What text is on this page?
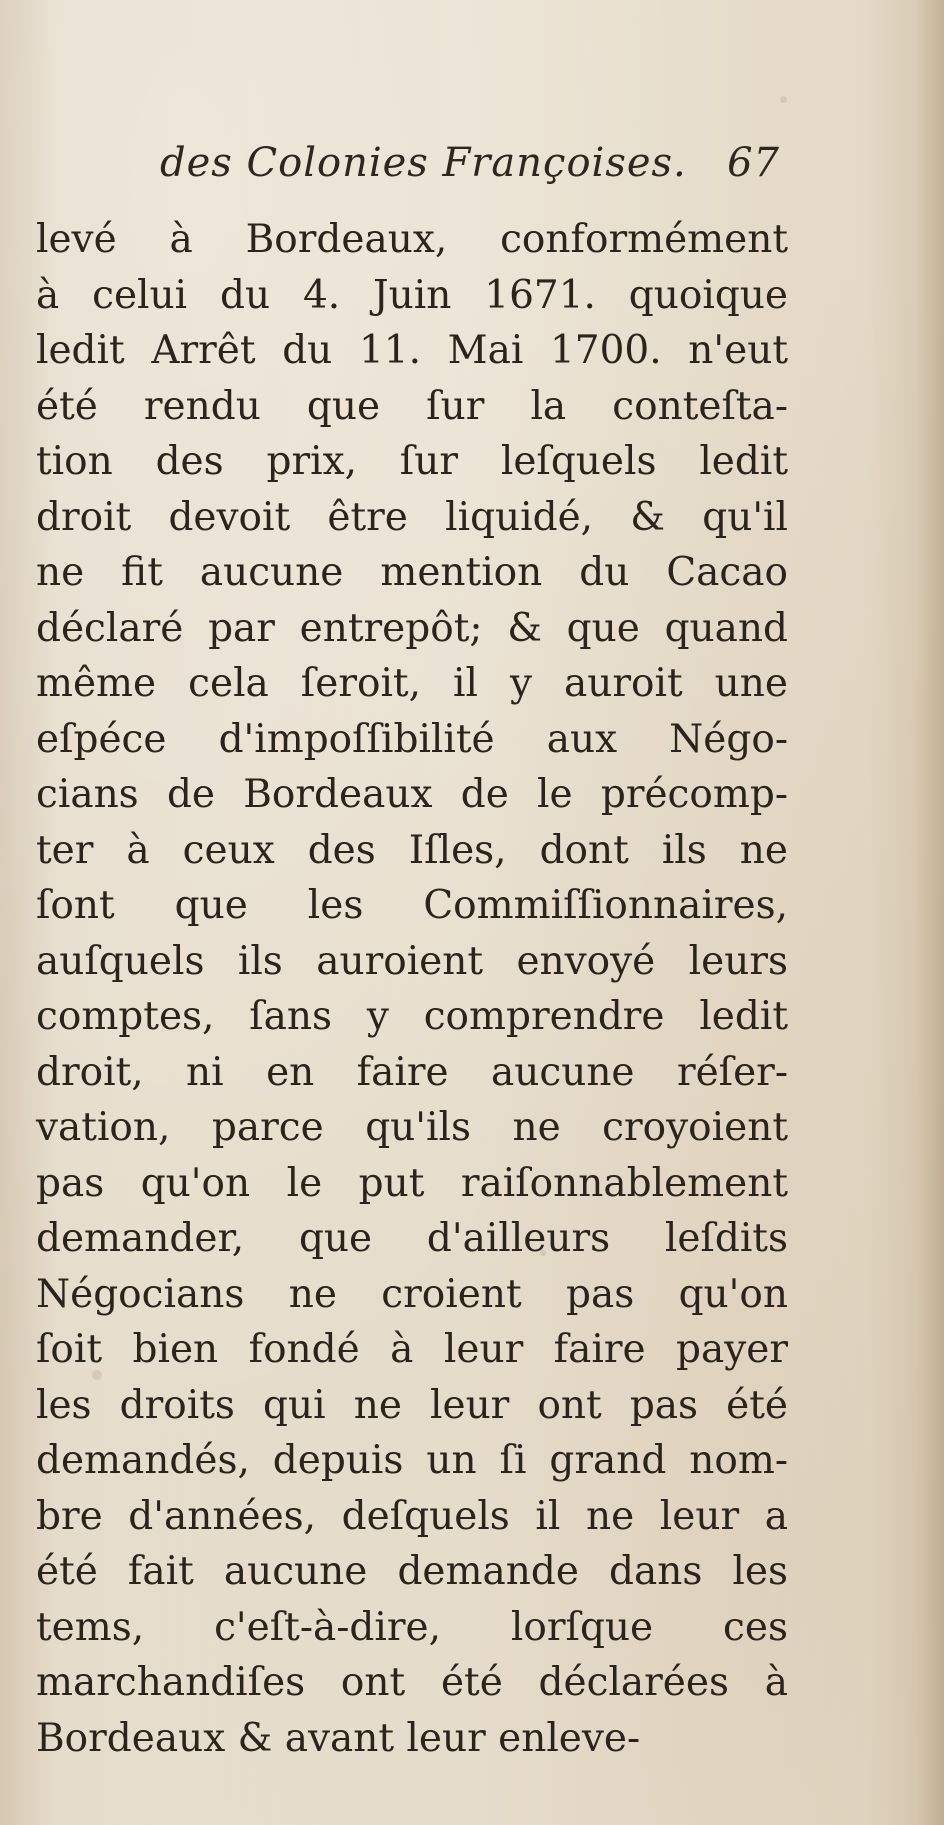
des Colonies Françoises. 67
levé à Bordeaux, conformément
à celui du 4. Juin 1671. quoique
ledit Arrêt du 11. Mai 1700. n'eut
été rendu que ſur la conteſta-
tion des prix, ſur leſquels ledit
droit devoit être liquidé, & qu'il
ne fit aucune mention du Cacao
déclaré par entrepôt; & que quand
même cela ſeroit, il y auroit une
eſpéce d'impoſſibilité aux Négo-
cians de Bordeaux de le précomp-
ter à ceux des Iſles, dont ils ne
ſont que les Commiſſionnaires,
auſquels ils auroient envoyé leurs
comptes, ſans y comprendre ledit
droit, ni en faire aucune réſer-
vation, parce qu'ils ne croyoient
pas qu'on le put raiſonnablement
demander, que d'ailleurs leſdits
Négocians ne croient pas qu'on
ſoit bien fondé à leur faire payer
les droits qui ne leur ont pas été
demandés, depuis un ſi grand nom-
bre d'années, deſquels il ne leur a
été fait aucune demande dans les
tems, c'eſt-à-dire, lorſque ces
marchandiſes ont été déclarées à
Bordeaux & avant leur enleve-
